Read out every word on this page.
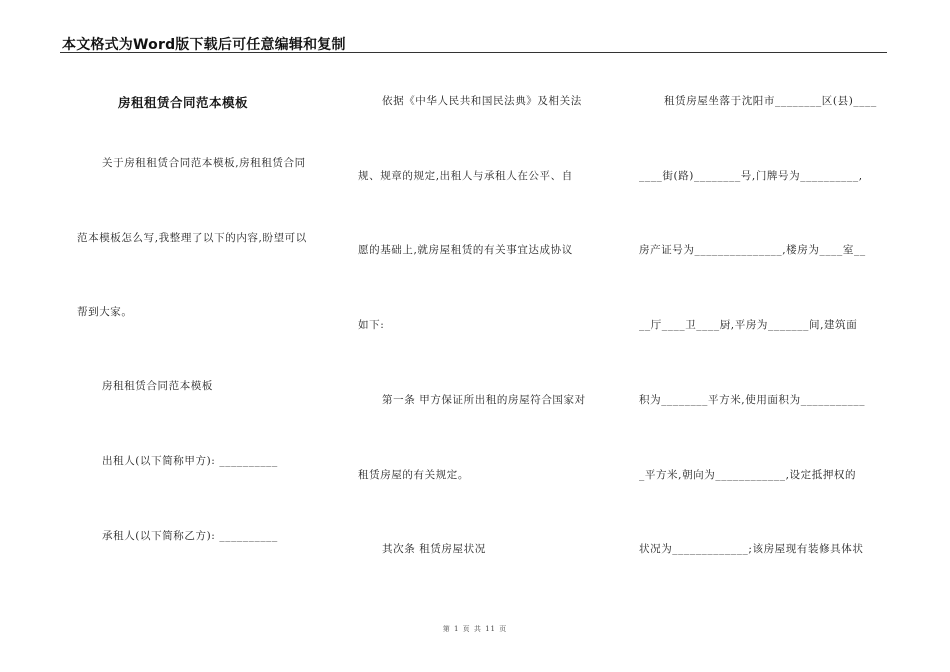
本文格式为Word版下载后可任意编辑和复制
房租租赁合同范本模板
关于房租租赁合同范本模板,房租租赁合同
范本模板怎么写,我整理了以下的内容,盼望可以
帮到大家。
房租租赁合同范本模板
出租人(以下简称甲方): __________
承租人(以下简称乙方): __________
依据《中华人民共和国民法典》及相关法
规、规章的规定,出租人与承租人在公平、自
愿的基础上,就房屋租赁的有关事宜达成协议
如下:
第一条 甲方保证所出租的房屋符合国家对
租赁房屋的有关规定。
其次条 租赁房屋状况
租赁房屋坐落于沈阳市________区(县)____
____街(路)________号,门牌号为__________,
房产证号为_______________,楼房为____室__
__厅____卫____厨,平房为_______间,建筑面
积为________平方米,使用面积为___________
_平方米,朝向为____________,设定抵押权的
状况为_____________;该房屋现有装修具体状
第 1 页 共 11 页
